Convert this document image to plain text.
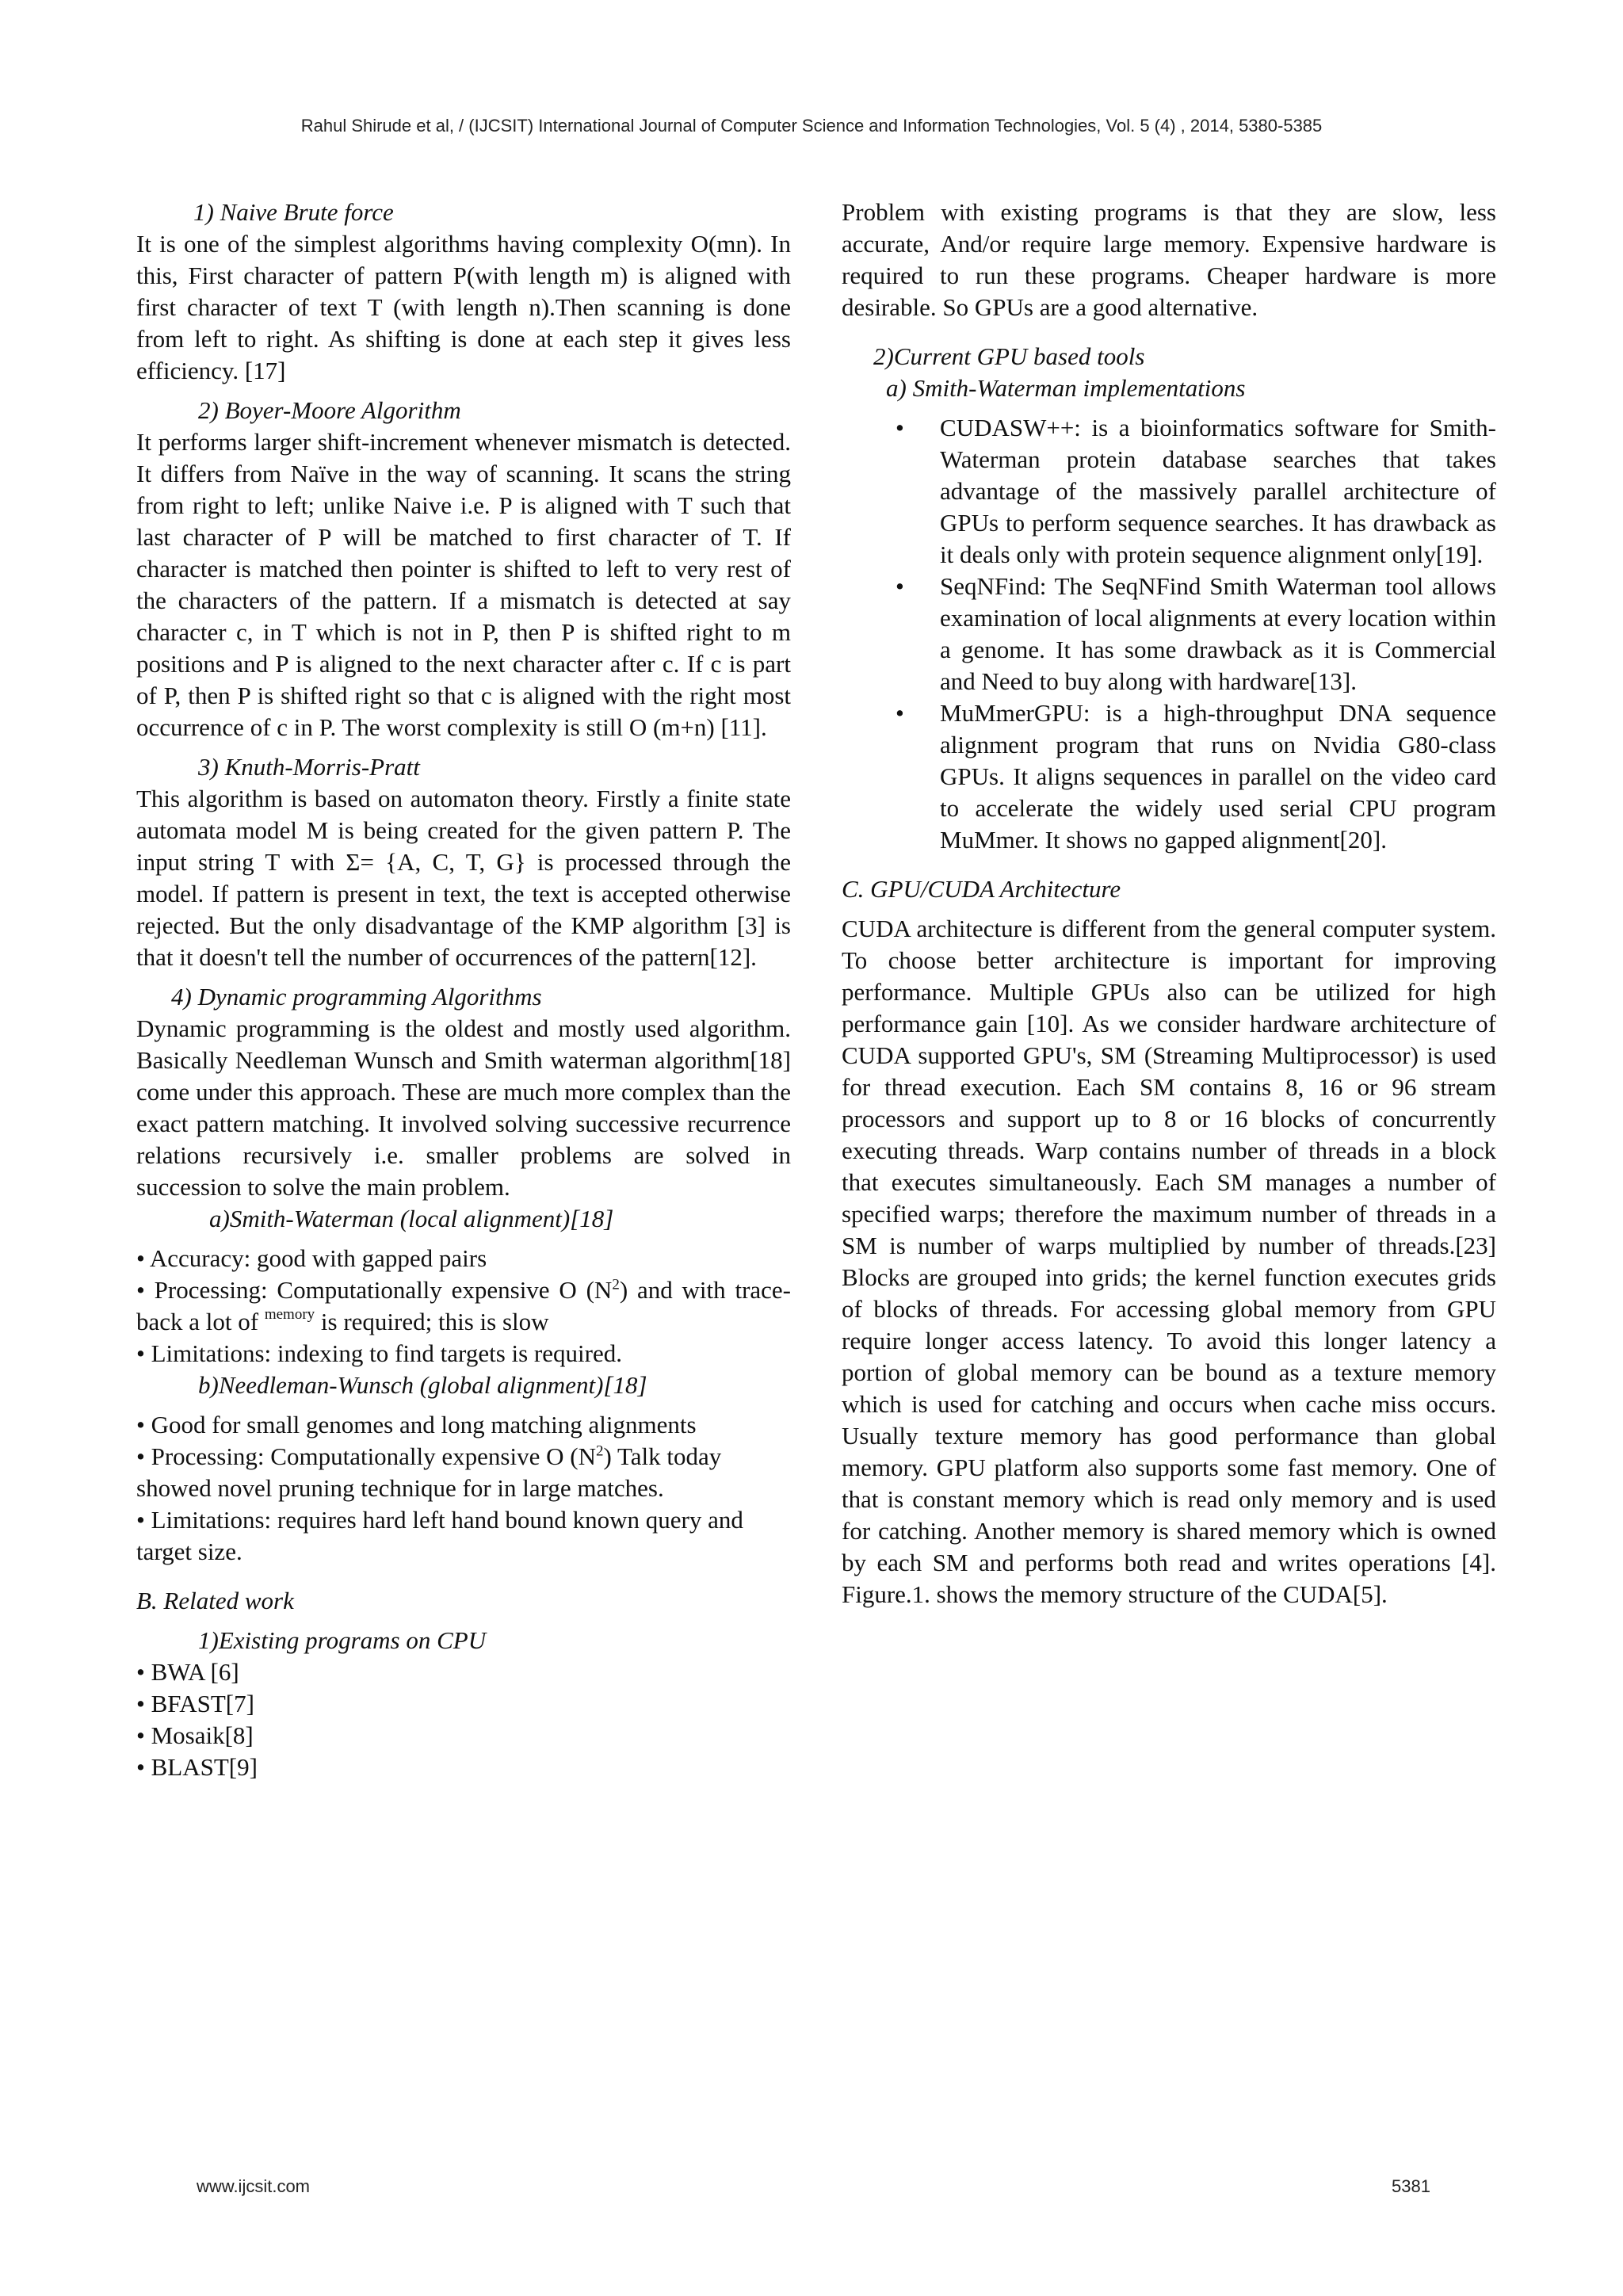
Rahul Shirude et al, / (IJCSIT) International Journal of Computer Science and Information Technologies, Vol. 5 (4) , 2014, 5380-5385

1) Naive Brute force

It is one of the simplest algorithms having complexity O(mn). In this, First character of pattern P(with length m) is aligned with first character of text T (with length n).Then scanning is done from left to right. As shifting is done at each step it gives less efficiency. [17]

2) Boyer-Moore Algorithm

It performs larger shift-increment whenever mismatch is detected. It differs from Naïve in the way of scanning. It scans the string from right to left; unlike Naive i.e. P is aligned with T such that last character of P will be matched to first character of T. If character is matched then pointer is shifted to left to very rest of the characters of the pattern. If a mismatch is detected at say character c, in T which is not in P, then P is shifted right to m positions and P is aligned to the next character after c. If c is part of P, then P is shifted right so that c is aligned with the right most occurrence of c in P. The worst complexity is still O (m+n) [11].

3) Knuth-Morris-Pratt

This algorithm is based on automaton theory. Firstly a finite state automata model M is being created for the given pattern P. The input string T with Σ= {A, C, T, G} is processed through the model. If pattern is present in text, the text is accepted otherwise rejected. But the only disadvantage of the KMP algorithm [3] is that it doesn't tell the number of occurrences of the pattern[12].

4) Dynamic programming Algorithms

Dynamic programming is the oldest and mostly used algorithm. Basically Needleman Wunsch and Smith waterman algorithm[18] come under this approach. These are much more complex than the exact pattern matching. It involved solving successive recurrence relations recursively i.e. smaller problems are solved in succession to solve the main problem.

a)Smith-Waterman (local alignment)[18]

• Accuracy: good with gapped pairs

• Processing: Computationally expensive O $(N^2)$ and with trace-back a lot of $^{memory}$ is required; this is slow

• Limitations: indexing to find targets is required.

b)Needleman-Wunsch (global alignment)[18]

• Good for small genomes and long matching alignments

• Processing: Computationally expensive O $(N^2)$ Talk today showed novel pruning technique for in large matches.

• Limitations: requires hard left hand bound known query and target size.

B. Related work

1)Existing programs on CPU

• BWA [6]

• BFAST[7]

• Mosaik[8]

• BLAST[9]

Problem with existing programs is that they are slow, less accurate, And/or require large memory. Expensive hardware is required to run these programs. Cheaper hardware is more desirable. So GPUs are a good alternative.

2)Current GPU based tools

a) Smith-Waterman implementations

• CUDASW++: is a bioinformatics software for Smith-Waterman protein database searches that takes advantage of the massively parallel architecture of GPUs to perform sequence searches. It has drawback as it deals only with protein sequence alignment only[19].
• SeqNFind: The SeqNFind Smith Waterman tool allows examination of local alignments at every location within a genome. It has some drawback as it is Commercial and Need to buy along with hardware[13].
• MuMmerGPU: is a high-throughput DNA sequence alignment program that runs on Nvidia G80-class GPUs. It aligns sequences in parallel on the video card to accelerate the widely used serial CPU program MuMmer. It shows no gapped alignment[20].

C. GPU/CUDA Architecture

CUDA architecture is different from the general computer system. To choose better architecture is important for improving performance. Multiple GPUs also can be utilized for high performance gain [10]. As we consider hardware architecture of CUDA supported GPU's, SM (Streaming Multiprocessor) is used for thread execution. Each SM contains 8, 16 or 96 stream processors and support up to 8 or 16 blocks of concurrently executing threads. Warp contains number of threads in a block that executes simultaneously. Each SM manages a number of specified warps; therefore the maximum number of threads in a SM is number of warps multiplied by number of threads.[23] Blocks are grouped into grids; the kernel function executes grids of blocks of threads. For accessing global memory from GPU require longer access latency. To avoid this longer latency a portion of global memory can be bound as a texture memory which is used for catching and occurs when cache miss occurs. Usually texture memory has good performance than global memory. GPU platform also supports some fast memory. One of that is constant memory which is read only memory and is used for catching. Another memory is shared memory which is owned by each SM and performs both read and writes operations [4]. Figure.1. shows the memory structure of the CUDA[5].

www.ijcsit.com	5381
